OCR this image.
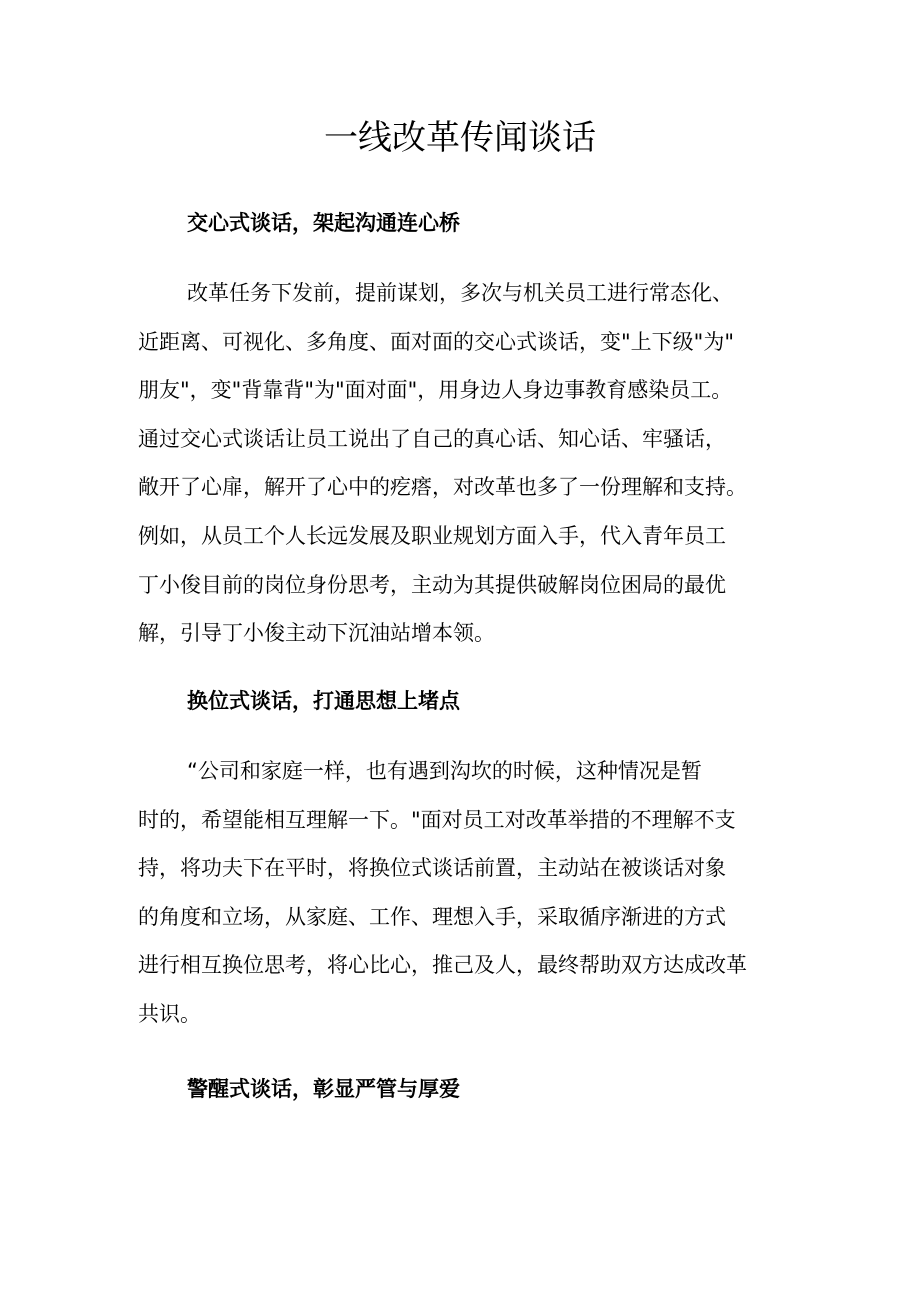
一线改革传闻谈话
交心式谈话，架起沟通连心桥
改革任务下发前，提前谋划，多次与机关员工进行常态化、
近距离、可视化、多角度、面对面的交心式谈话，变"上下级"为"
朋友"，变"背靠背"为"面对面"，用身边人身边事教育感染员工。
通过交心式谈话让员工说出了自己的真心话、知心话、牢骚话，
敞开了心扉，解开了心中的疙瘩，对改革也多了一份理解和支持。
例如，从员工个人长远发展及职业规划方面入手，代入青年员工
丁小俊目前的岗位身份思考，主动为其提供破解岗位困局的最优
解，引导丁小俊主动下沉油站增本领。
换位式谈话，打通思想上堵点
“公司和家庭一样，也有遇到沟坎的时候，这种情况是暂
时的，希望能相互理解一下。"面对员工对改革举措的不理解不支
持，将功夫下在平时，将换位式谈话前置，主动站在被谈话对象
的角度和立场，从家庭、工作、理想入手，采取循序渐进的方式
进行相互换位思考，将心比心，推己及人，最终帮助双方达成改革
共识。
警醒式谈话，彰显严管与厚爱
